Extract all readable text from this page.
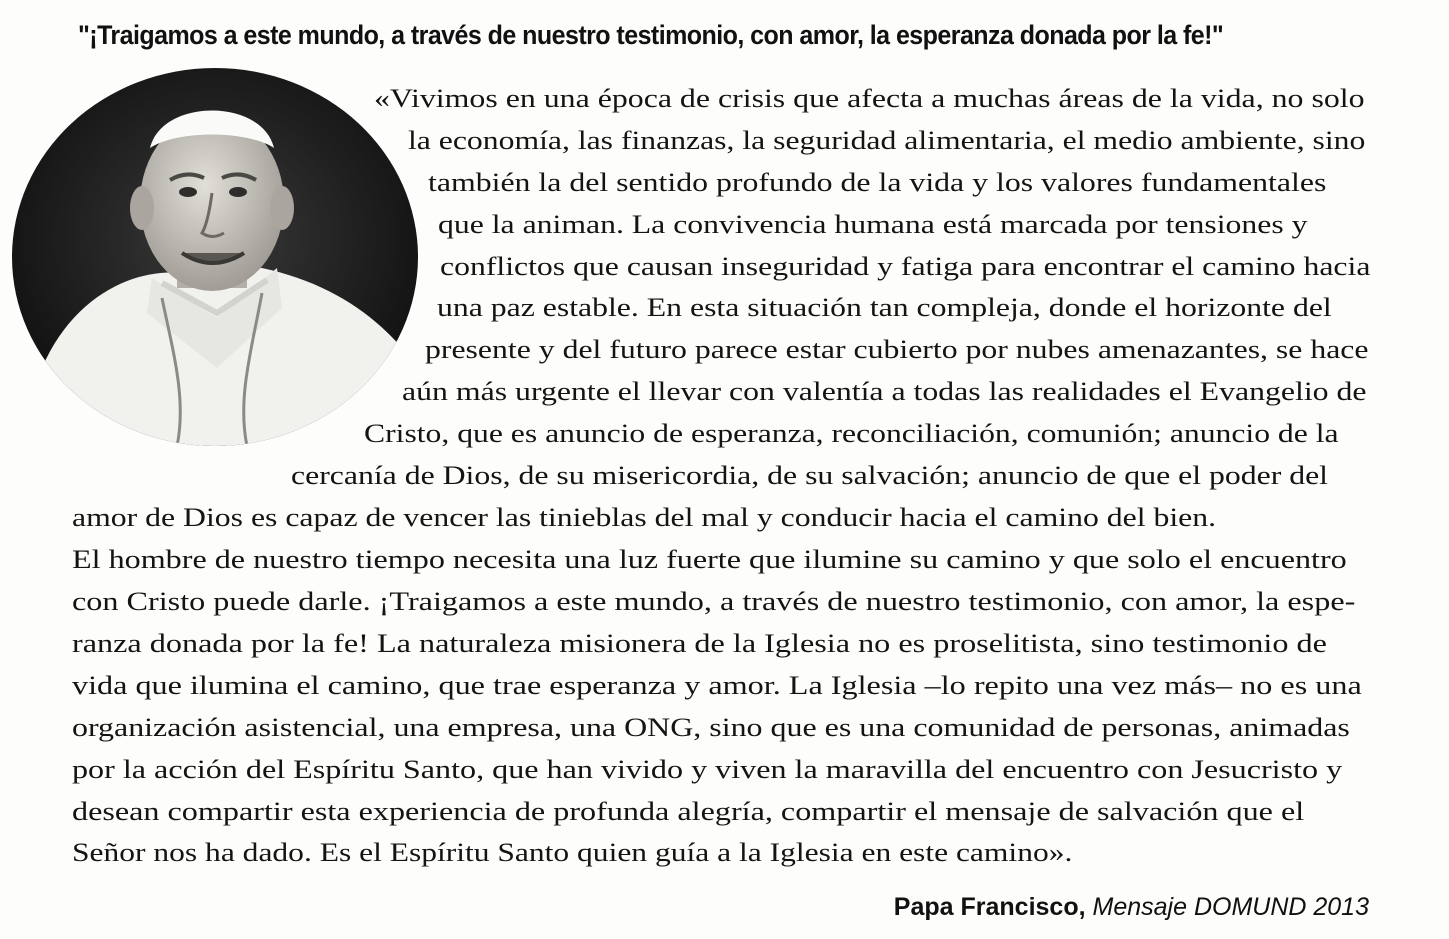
"¡Traigamos a este mundo, a través de nuestro testimonio, con amor, la esperanza donada por la fe!"
«Vivimos en una época de crisis que afecta a muchas áreas de la vida, no solo
la economía, las finanzas, la seguridad alimentaria, el medio ambiente, sino
también la del sentido profundo de la vida y los valores fundamentales
que la animan. La convivencia humana está marcada por tensiones y
conflictos que causan inseguridad y fatiga para encontrar el camino hacia
una paz estable. En esta situación tan compleja, donde el horizonte del
presente y del futuro parece estar cubierto por nubes amenazantes, se hace
aún más urgente el llevar con valentía a todas las realidades el Evangelio de
Cristo, que es anuncio de esperanza, reconciliación, comunión; anuncio de la
cercanía de Dios, de su misericordia, de su salvación; anuncio de que el poder del
amor de Dios es capaz de vencer las tinieblas del mal y conducir hacia el camino del bien.
El hombre de nuestro tiempo necesita una luz fuerte que ilumine su camino y que solo el encuentro
con Cristo puede darle. ¡Traigamos a este mundo, a través de nuestro testimonio, con amor, la espe-
ranza donada por la fe! La naturaleza misionera de la Iglesia no es proselitista, sino testimonio de
vida que ilumina el camino, que trae esperanza y amor. La Iglesia –lo repito una vez más– no es una
organización asistencial, una empresa, una ONG, sino que es una comunidad de personas, animadas
por la acción del Espíritu Santo, que han vivido y viven la maravilla del encuentro con Jesucristo y
desean compartir esta experiencia de profunda alegría, compartir el mensaje de salvación que el
Señor nos ha dado. Es el Espíritu Santo quien guía a la Iglesia en este camino».
Papa Francisco, Mensaje DOMUND 2013
